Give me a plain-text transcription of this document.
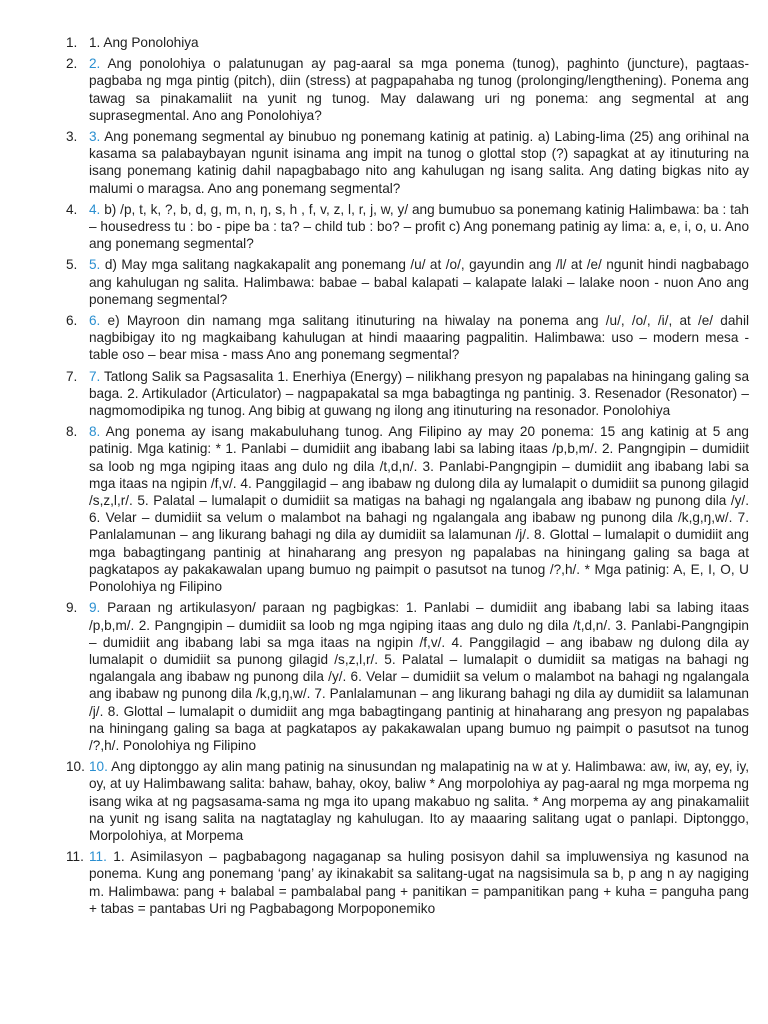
1. 1. Ang Ponolohiya
2. 2. Ang ponolohiya o palatunugan ay pag-aaral sa mga ponema (tunog), paghinto (juncture), pagtaas- pagbaba ng mga pintig (pitch), diin (stress) at pagpapahaba ng tunog (prolonging/lengthening). Ponema ang tawag sa pinakamaliit na yunit ng tunog. May dalawang uri ng ponema: ang segmental at ang suprasegmental. Ano ang Ponolohiya?
3. 3. Ang ponemang segmental ay binubuo ng ponemang katinig at patinig. a) Labing-lima (25) ang orihinal na kasama sa palabaybayan ngunit isinama ang impit na tunog o glottal stop (?) sapagkat at ay itinuturing na isang ponemang katinig dahil napagbabago nito ang kahulugan ng isang salita. Ang dating bigkas nito ay malumi o maragsa. Ano ang ponemang segmental?
4. 4. b) /p, t, k, ?, b, d, g, m, n, ŋ, s, h , f, v, z, l, r, j, w, y/ ang bumubuo sa ponemang katinig Halimbawa: ba : tah – housedress tu : bo - pipe ba : ta? – child tub : bo? – profit c) Ang ponemang patinig ay lima: a, e, i, o, u. Ano ang ponemang segmental?
5. 5. d) May mga salitang nagkakapalit ang ponemang /u/ at /o/, gayundin ang /l/ at /e/ ngunit hindi nagbabago ang kahulugan ng salita. Halimbawa: babae – babal kalapati – kalapate lalaki – lalake noon - nuon Ano ang ponemang segmental?
6. 6. e) Mayroon din namang mga salitang itinuturing na hiwalay na ponema ang /u/, /o/, /i/, at /e/ dahil nagbibigay ito ng magkaibang kahulugan at hindi maaaring pagpalitin. Halimbawa: uso – modern mesa - table oso – bear misa - mass Ano ang ponemang segmental?
7. 7. Tatlong Salik sa Pagsasalita 1. Enerhiya (Energy) – nilikhang presyon ng papalabas na hiningang galing sa baga. 2. Artikulador (Articulator) – nagpapakatal sa mga babagtinga ng pantinig. 3. Resenador (Resonator) – nagmomodipika ng tunog. Ang bibig at guwang ng ilong ang itinuturing na resonador. Ponolohiya
8. 8. Ang ponema ay isang makabuluhang tunog. Ang Filipino ay may 20 ponema: 15 ang katinig at 5 ang patinig. Mga katinig: * 1. Panlabi – dumidiit ang ibabang labi sa labing itaas /p,b,m/. 2. Pangngipin – dumidiit sa loob ng mga ngiping itaas ang dulo ng dila /t,d,n/. 3. Panlabi-Pangngipin – dumidiit ang ibabang labi sa mga itaas na ngipin /f,v/. 4. Panggilagid – ang ibabaw ng dulong dila ay lumalapit o dumidiit sa punong gilagid /s,z,l,r/. 5. Palatal – lumalapit o dumidiit sa matigas na bahagi ng ngalangala ang ibabaw ng punong dila /y/. 6. Velar – dumidiit sa velum o malambot na bahagi ng ngalangala ang ibabaw ng punong dila /k,g,ŋ,w/. 7. Panlalamunan – ang likurang bahagi ng dila ay dumidiit sa lalamunan /j/. 8. Glottal – lumalapit o dumidiit ang mga babagtingang pantinig at hinaharang ang presyon ng papalabas na hiningang galing sa baga at pagkatapos ay pakakawalan upang bumuo ng paimpit o pasutsot na tunog /?,h/. * Mga patinig: A, E, I, O, U Ponolohiya ng Filipino
9. 9. Paraan ng artikulasyon/ paraan ng pagbigkas: 1. Panlabi – dumidiit ang ibabang labi sa labing itaas /p,b,m/. 2. Pangngipin – dumidiit sa loob ng mga ngiping itaas ang dulo ng dila /t,d,n/. 3. Panlabi-Pangngipin – dumidiit ang ibabang labi sa mga itaas na ngipin /f,v/. 4. Panggilagid – ang ibabaw ng dulong dila ay lumalapit o dumidiit sa punong gilagid /s,z,l,r/. 5. Palatal – lumalapit o dumidiit sa matigas na bahagi ng ngalangala ang ibabaw ng punong dila /y/. 6. Velar – dumidiit sa velum o malambot na bahagi ng ngalangala ang ibabaw ng punong dila /k,g,ŋ,w/. 7. Panlalamunan – ang likurang bahagi ng dila ay dumidiit sa lalamunan /j/. 8. Glottal – lumalapit o dumidiit ang mga babagtingang pantinig at hinaharang ang presyon ng papalabas na hiningang galing sa baga at pagkatapos ay pakakawalan upang bumuo ng paimpit o pasutsot na tunog /?,h/. Ponolohiya ng Filipino
10. 10. Ang diptonggo ay alin mang patinig na sinusundan ng malapatinig na w at y. Halimbawa: aw, iw, ay, ey, iy, oy, at uy Halimbawang salita: bahaw, bahay, okoy, baliw * Ang morpolohiya ay pag-aaral ng mga morpema ng isang wika at ng pagsasama-sama ng mga ito upang makabuo ng salita. * Ang morpema ay ang pinakamaliit na yunit ng isang salita na nagtataglay ng kahulugan. Ito ay maaaring salitang ugat o panlapi. Diptonggo, Morpolohiya, at Morpema
11. 11. 1. Asimilasyon – pagbabagong nagaganap sa huling posisyon dahil sa impluwensiya ng kasunod na ponema. Kung ang ponemang ‘pang’ ay ikinakabit sa salitang-ugat na nagsisimula sa b, p ang n ay nagiging m. Halimbawa: pang + balabal = pambalabal pang + panitikan = pampanitikan pang + kuha = panguha pang + tabas = pantabas Uri ng Pagbabagong Morpoponemiko
